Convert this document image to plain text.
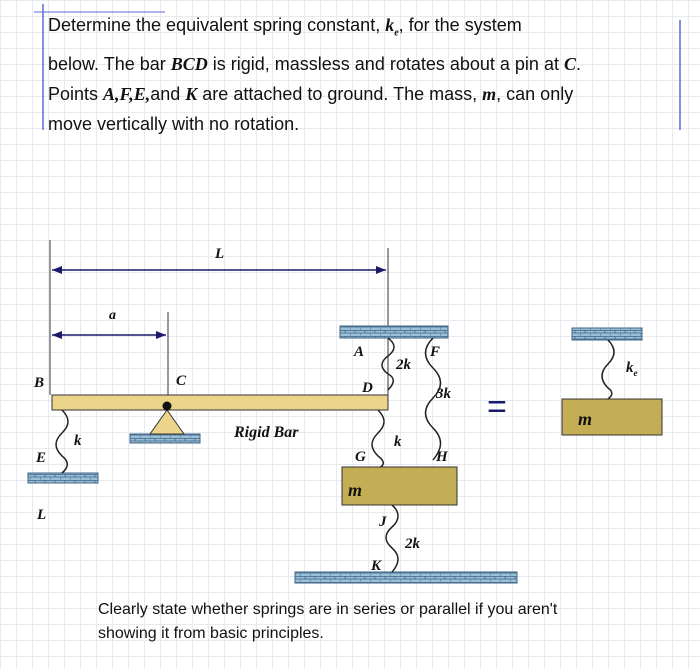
L
a
=
A	F
B	C	D
E	G	H
J
K
L
2k
3k
k	k
2k
$k_e$
Rigid Bar
m
m
Determine the equivalent spring constant, $k_e$, for the system
below. The bar BCD is rigid, massless and rotates about a pin at C.
Points A,F,E,and K are attached to ground. The mass, m, can only
move vertically with no rotation.
Clearly state whether springs are in series or parallel if you aren't showing it from basic principles.
